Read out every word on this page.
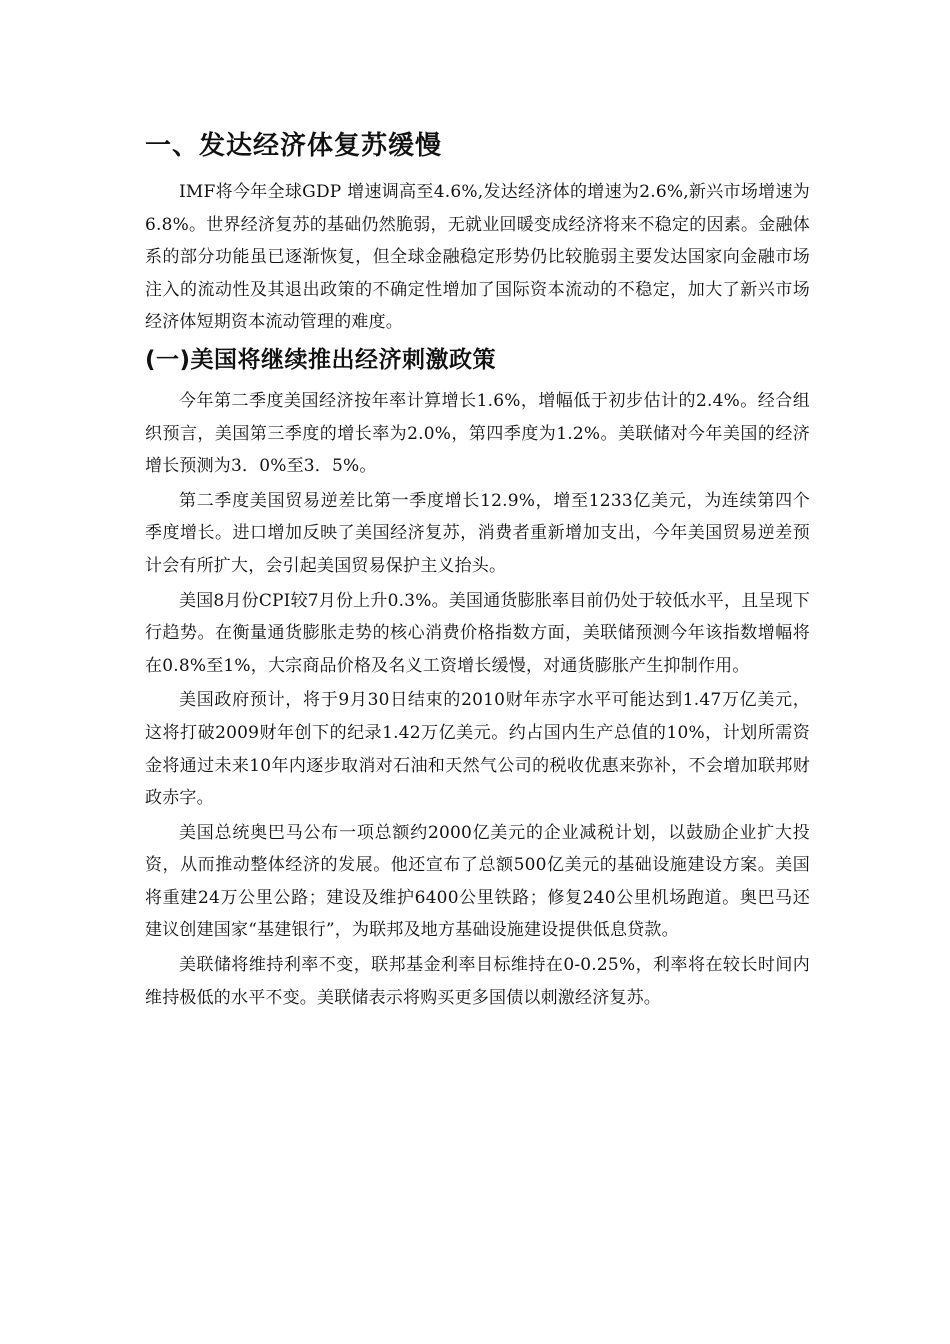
一、发达经济体复苏缓慢

IMF将今年全球GDP 增速调高至4.6%,发达经济体的增速为2.6%,新兴市场增速为6.8%。世界经济复苏的基础仍然脆弱，无就业回暖变成经济将来不稳定的因素。金融体系的部分功能虽已逐渐恢复，但全球金融稳定形势仍比较脆弱主要发达国家向金融市场注入的流动性及其退出政策的不确定性增加了国际资本流动的不稳定，加大了新兴市场经济体短期资本流动管理的难度。

(一)美国将继续推出经济刺激政策

今年第二季度美国经济按年率计算增长1.6%，增幅低于初步估计的2.4%。经合组织预言，美国第三季度的增长率为2.0%，第四季度为1.2%。美联储对今年美国的经济增长预测为3．0%至3．5%。

第二季度美国贸易逆差比第一季度增长12.9%，增至1233亿美元，为连续第四个季度增长。进口增加反映了美国经济复苏，消费者重新增加支出，今年美国贸易逆差预计会有所扩大，会引起美国贸易保护主义抬头。

美国8月份CPI较7月份上升0.3%。美国通货膨胀率目前仍处于较低水平，且呈现下行趋势。在衡量通货膨胀走势的核心消费价格指数方面，美联储预测今年该指数增幅将在0.8%至1%，大宗商品价格及名义工资增长缓慢，对通货膨胀产生抑制作用。

美国政府预计，将于9月30日结束的2010财年赤字水平可能达到1.47万亿美元，这将打破2009财年创下的纪录1.42万亿美元。约占国内生产总值的10%，计划所需资金将通过未来10年内逐步取消对石油和天然气公司的税收优惠来弥补，不会增加联邦财政赤字。

美国总统奥巴马公布一项总额约2000亿美元的企业减税计划，以鼓励企业扩大投资，从而推动整体经济的发展。他还宣布了总额500亿美元的基础设施建设方案。美国将重建24万公里公路；建设及维护6400公里铁路；修复240公里机场跑道。奥巴马还建议创建国家“基建银行”，为联邦及地方基础设施建设提供低息贷款。

美联储将维持利率不变，联邦基金利率目标维持在0-0.25%，利率将在较长时间内维持极低的水平不变。美联储表示将购买更多国债以刺激经济复苏。
